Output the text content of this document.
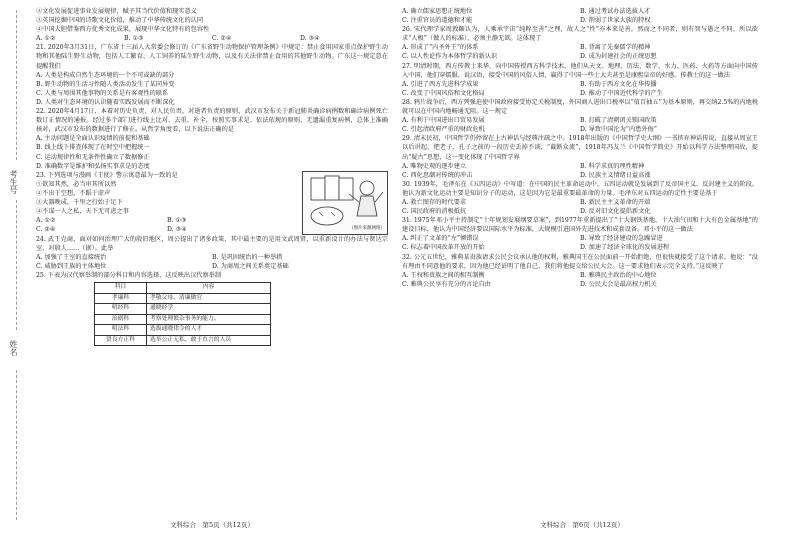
考生号
姓名
③文化发展促进事业发展规律，赋予其当代价值和现实意义
③英国挖掘中国的诗歌文化价值，推动了中华传统文化的认同
④中国大胆借鉴西方优秀文化成果，展现中华文化特有的包容性
A. ①②	B. ①③	C. ②④	D. ③④
21. 2020年3月31日，广东省十三届人大常委会修订的《广东省野生动物保护管理条例》中规定：禁止食用国家重点保护野生动物和其他陆生野生动物，包括人工繁育、人工饲养的陆生野生动物，以及有关法律禁止食用的其他野生动物。广东这一规定意在提醒我们
A. 人类是构成自然生态环境的一个不可或缺的部分
B. 野生动物的生活习性随人类活动发生了某同异变
C. 人类与周围其他事物的关系是有客观性的联系
D. 人类对生态环境的认识随着实践发展而不断深化
22. 2020年4月17日，本着对历史负责、对人民负责、对逝者负责的原则，武汉市发布关于新冠肺炎确诊病例数和确诊病例死亡数订正情况的通报。经过多个部门进行线上比对、去重、补全，按照实事求是、依法依规的原则，无遗漏重复病例，总体上准确核对，武汉市发布的数据进行了修正。从哲学角度看，以下说法正确的是
A. 主动问题是全面认识疫情的前提和基础
B. 线上线下排查体现了在时空中把握统一
C. 运动规律性和无条件性确立了数据修正
D. 准确数字是维护和弘扬实事求是的态度
23. 下列选项与漫画《干扰》警示寓意最为一致的是
①欲知其然，必当审其所以然
②不出于空想，不蹈于虚声
③大器晚成，千里之行始于足下
④不谋一人之私，天下无可虑之事
A. ①②	B. ①③
C. ②④	D. ③④	（图片来源网络）
24. 武王克商，面对如何治理广大的殷旧地区，周公提出了诸多政策，其中最主要的是用文武周贤，以重新设计的办法与贤达宗室，对殷人……（据）。此举
A. 加强了王室的直接统治	B. 是巩固统治的一种举措
C. 威胁到王族的主体地位	D. 为商周之间关系奠定基础
25. 下表为汉代察举制的部分科目和内容选择，这反映出汉代察举制
科目	内容
孝廉科	孝敬父母、清廉做官
明经科	通晓经学
治剧科	考察处理繁杂事务的能力。
明法科	选拔通晓律令的人才
贤良方正科	选举公正无私、敢于直言的人员
A. 确立儒家思想正统地位	B. 通过考试办法选拔人才
C. 注重官员的道德和才能	D. 削弱了世家大族的特权
26. 宋代理学家周敦颐认为，人乘承宇宙“纯粹至善”之理，故人之“性”亦本来是善。然而之不同者，则有智与愚之不同。所以欲求“人极”（做人的标准），必须主静无欲。这体现了
A. 形成了“内圣外王”的体系	B. 背离了先秦儒学的精神
C. 以人性论作为本体哲学的新认识	D. 成为封建社会的正统思想
27. 明清时期，西方传教士来华，向中国传授西方科学技术，他们从天文、地理、历法、数学、水力、医药、火药等方面向中国传入中国，他们穿儒服、说汉语，接受中国的风俗人情，赢得了中国一些士大夫甚至是康熙皇帝的好感。传教士的这一做法
A. 引进了西方先进科学成果	B. 有助于西方文化在华传播
C. 改变了中国风俗和文化格局	D. 推动了中国近代科学的产生
28. 鸦片战争后，西方列强迫使中国政府接受协定关税制度，外国商人进出口税率以“值百抽五”为基本原则，再交纳2.5%的内地税就可以在中国内地畅通无阻。这一规定
A. 有利于中国进出口贸易发展	B. 打破了清朝闭关锁国政策
C. 引起清政府严重的财政危机	D. 导致中国沦为“内患外侮”
29. 清末民初，中国哲学仍停留在上古神话与经典注疏之中。1918年出版的《中国哲学史大纲》一书摈弃神话传说，直接从周宣王以后讲起，把老子、孔子之前的一段历史丢掉不谈，“截断众流”，1918年冯友兰《中国哲学简史》开始以科学方法整理国故，提出“疑古”思想，这一变化体现了中国哲学界
A. 唯物史观的逐步建立	B. 科学求真的理性精神
C. 西化思潮对传统的冲击	D. 民族主义情绪日益高涨
30. 1939年，毛泽东在《五四运动》中写道：在中国的民主革命运动中，五四运动就是发展到了反帝国主义、反封建主义的阶段。他认为新文化运动主要是知识分子的运动，这是因为它是最重要最革命的力量。毛泽东对五四运动的定性主要是基于
A. 救亡图存的时代要求	B. 新民主主义革命的开端
C. 国民政府的消极抵抗	D. 反对旧文化提倡新文化
31. 1975年邓小平主持制定“十年规划发展纲要草案”，到1977年重新提出了“十大钢铁基地、十大油气田和十大有色金属基地”的建设目标，他认为中国经济要以国际水平为标准，大规模引进国外先进技术和成套设备。邓小平的这一做法
A. 纠正了文革的“左”倾错误	B. 导致了经济建设的急躁冒进
C. 标志着中国改革开放的开始	D. 加速了经济全球化的发展进程
32. 公元五世纪，雅典某贵族请求公民会议承认他的权利，雅典国王在公民面前一开始拒绝，但很快就接受了这个请求。他说：“没有理由不同意他的要求，因为他已经证明了他自己，我们将他提交给公民大会。这一要求他们表示完全支持。”这反映了
A. 王权和贵族之间的相互制衡	B. 雅典民主政治的中心地位
C. 雅典公民享有充分的言论自由	D. 公民大会是最高权力机关
文科综合　第5页（共12页）	文科综合　第6页（共12页）
